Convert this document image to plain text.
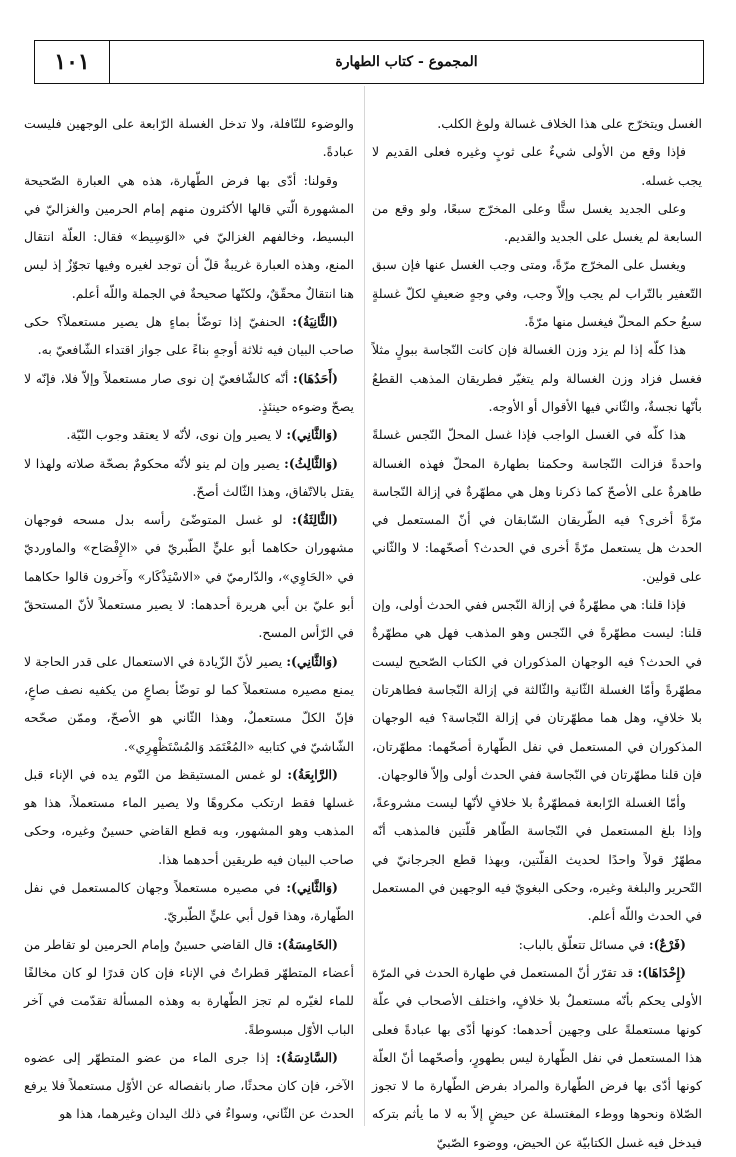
١٠١	المجموع - كتاب الطهارة

الغسل ويتخرّج على هذا الخلاف غسالة ولوغ الكلب.

فإذا وقع من الأولى شيءٌ على ثوبٍ وغيره فعلى القديم لا يجب غسله.

وعلى الجديد يغسل ستًّا وعلى المخرّج سبعًا، ولو وقع من السابعة لم يغسل على الجديد والقديم.

ويغسل على المخرّج مرّةً، ومتى وجب الغسل عنها فإن سبق التّعفير بالتّراب لم يجب وإلاّ وجب، وفي وجهٍ ضعيفٍ لكلّ غسلةٍ سبعُ حكم المحلّ فيغسل منها مرّةً.

هذا كلّه إذا لم يزد وزن الغسالة فإن كانت النّجاسة ببولٍ مثلاً فغسل فزاد وزن الغسالة ولم يتغيّر فطريقان المذهب القطعُ بأنّها نجسةٌ، والثّاني فيها الأقوال أو الأوجه.

هذا كلّه في الغسل الواجب فإذا غسل المحلّ النّجس غسلةً واحدةً فزالت النّجاسة وحكمنا بطهارة المحلّ فهذه الغسالة طاهرةٌ على الأصحّ كما ذكرنا وهل هي مطهّرةٌ في إزالة النّجاسة مرّةً أخرى؟ فيه الطّريقان السّابقان في أنّ المستعمل في الحدث هل يستعمل مرّةً أخرى في الحدث؟ أصحّهما: لا والثّاني على قولين.

فإذا قلنا: هي مطهّرةٌ في إزالة النّجس ففي الحدث أولى، وإن قلنا: ليست مطهّرةً في النّجس وهو المذهب فهل هي مطهّرةٌ في الحدث؟ فيه الوجهان المذكوران في الكتاب الصّحيح ليست مطهّرةً وأمّا الغسلة الثّانية والثّالثة في إزالة النّجاسة فطاهرتان بلا خلافٍ، وهل هما مطهّرتان في إزالة النّجاسة؟ فيه الوجهان المذكوران في المستعمل في نفل الطّهارة أصحّهما: مطهّرتان، فإن قلنا مطهّرتان في النّجاسة ففي الحدث أولى وإلاّ فالوجهان.

وأمّا الغسلة الرّابعة فمطهّرةٌ بلا خلافٍ لأنّها ليست مشروعةً، وإذا بلغ المستعمل في النّجاسة الطّاهر قلّتين فالمذهب أنّه مطهّرٌ قولاً واحدًا لحديث القلّتين، وبهذا قطع الجرجانيّ في التّحرير والبلغة وغيره، وحكى البغويّ فيه الوجهين في المستعمل في الحدث واللّه أعلم.

(فَرْعٌ): في مسائل تتعلّق بالباب:

(إِحْدَاهَا): قد تقرّر أنّ المستعمل في طهارة الحدث في المرّة الأولى يحكم بأنّه مستعملٌ بلا خلافٍ، واختلف الأصحاب في علّة كونها مستعملةً على وجهين أحدهما: كونها أدّى بها عبادةً فعلى هذا المستعمل في نفل الطّهارة ليس بطهورٍ، وأصحّهما أنّ العلّة كونها أدّى بها فرض الطّهارة والمراد بفرض الطّهارة ما لا تجوز الصّلاة ونحوها ووطء المغتسلة عن حيضٍ إلاّ به لا ما يأثم بتركه فيدخل فيه غسل الكتابيّة عن الحيض، ووضوء الصّبيّ

والوضوء للنّافلة، ولا تدخل الغسلة الرّابعة على الوجهين فليست عبادةً.

وقولنا: أدّى بها فرض الطّهارة، هذه هي العبارة الصّحيحة المشهورة الّتي قالها الأكثرون منهم إمام الحرمين والغزاليّ في البسيط، وخالفهم الغزاليّ في «الوَسِيط» فقال: العلّة انتقال المنع، وهذه العبارة غريبةٌ قلّ أن توجد لغيره وفيها تجوّزٌ إذ ليس هنا انتقالٌ محقّقٌ، ولكنّها صحيحةٌ في الجملة واللّه أعلم.

(الثَّانِيَةُ): الحنفيّ إذا توضّأ بماءٍ هل يصير مستعملاً؟ حكى صاحب البيان فيه ثلاثة أوجهٍ بناءً على جواز اقتداء الشّافعيّ به.

(أَحَدُهَا): أنّه كالشّافعيّ إن نوى صار مستعملاً وإلاّ فلا، فإنّه لا يصحّ وضوءه حينئذٍ.

(وَالثَّانِي): لا يصير وإن نوى، لأنّه لا يعتقد وجوب النّيّة.

(وَالثَّالِثُ): يصير وإن لم ينو لأنّه محكومٌ بصحّة صلاته ولهذا لا يقتل بالاتّفاق، وهذا الثّالث أصحّ.

(الثَّالِثَةُ): لو غسل المتوضّئ رأسه بدل مسحه فوجهان مشهوران حكاهما أبو عليٍّ الطّبريّ في «الإِفْصَاح» والماورديّ في «الحَاوِي»، والدّارميّ في «الاسْتِذْكَار» وآخرون قالوا حكاهما أبو عليّ بن أبي هريرة أحدهما: لا يصير مستعملاً لأنّ المستحقّ في الرّأس المسح.

(وَالثَّانِي): يصير لأنّ الزّيادة في الاستعمال على قدر الحاجة لا يمنع مصيره مستعملاً كما لو توضّأ بصاعٍ من يكفيه نصف صاعٍ، فإنّ الكلّ مستعملٌ، وهذا الثّاني هو الأصحّ، وممّن صحّحه الشّاشيّ في كتابيه «المُعْتَمَد وَالمُسْتَظْهِرِي».

(الرَّابِعَةُ): لو غمس المستيقظ من النّوم يده في الإناء قبل غسلها فقط ارتكب مكروهًا ولا يصير الماء مستعملاً، هذا هو المذهب وهو المشهور، وبه قطع القاضي حسينٌ وغيره، وحكى صاحب البيان فيه طريقين أحدهما هذا.

(وَالثَّانِي): في مصيره مستعملاً وجهان كالمستعمل في نفل الطّهارة، وهذا قول أبي عليٍّ الطّبريّ.

(الخَامِسَةُ): قال القاضي حسينٌ وإمام الحرمين لو تقاطر من أعضاء المتطهّر قطراتٌ في الإناء فإن كان قدرًا لو كان مخالفًا للماء لغيّره لم تجز الطّهارة به وهذه المسألة تقدّمت في آخر الباب الأوّل مبسوطةً.

(السَّادِسَةُ): إذا جرى الماء من عضو المتطهّر إلى عضوه الآخر، فإن كان محدثًا، صار بانفصاله عن الأوّل مستعملاً فلا يرفع الحدث عن الثّاني، وسواءٌ في ذلك اليدان وغيرهما، هذا هو
